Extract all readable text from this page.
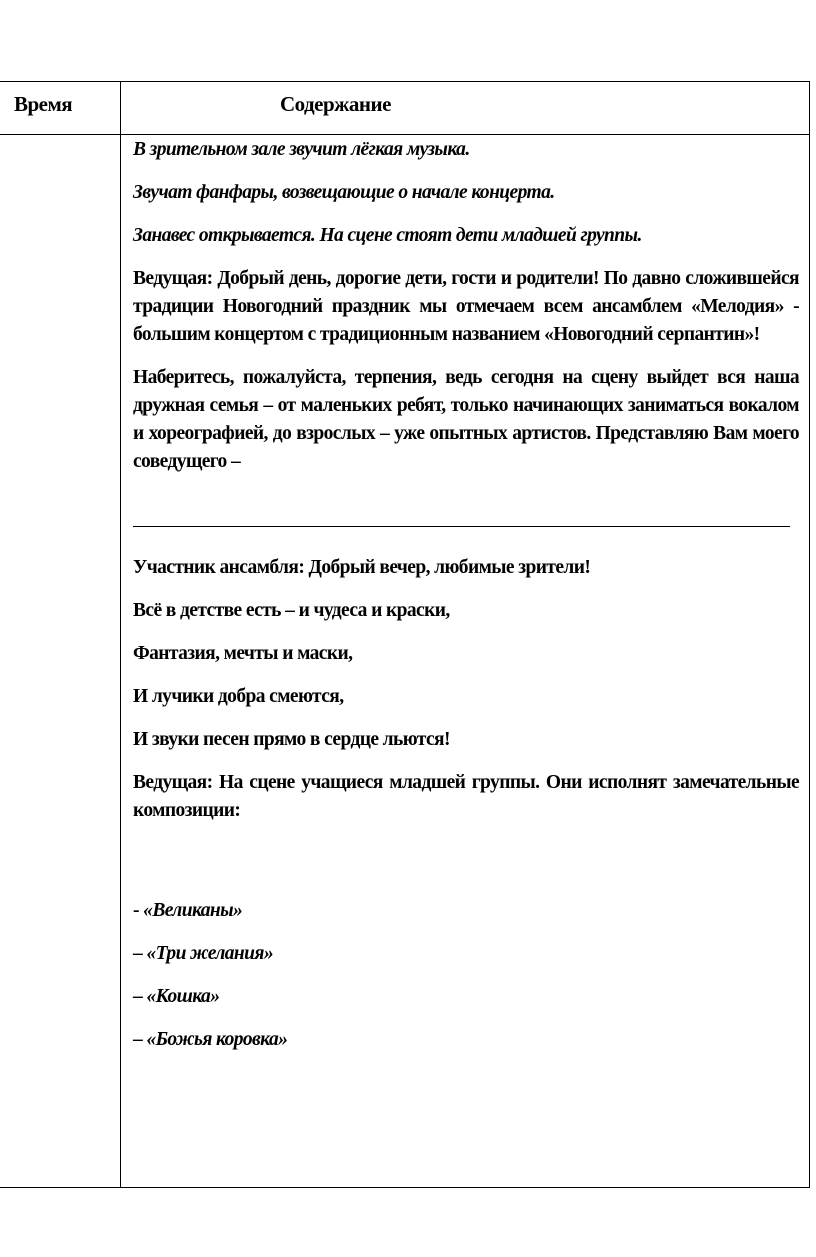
Время	Содержание

В зрительном зале звучит лёгкая музыка.

Звучат фанфары, возвещающие о начале концерта.

Занавес открывается. На сцене стоят дети младшей группы.

Ведущая: Добрый день, дорогие дети, гости и родители! По давно сложившейся традиции Новогодний праздник мы отмечаем всем ансамблем «Мелодия» - большим концертом с традиционным названием «Новогодний серпантин»!

Наберитесь, пожалуйста, терпения, ведь сегодня на сцену выйдет вся наша дружная семья – от маленьких ребят, только начинающих заниматься вокалом и хореографией, до взрослых – уже опытных артистов. Представляю Вам моего соведущего –

Участник ансамбля: Добрый вечер, любимые зрители!

Всё в детстве есть – и чудеса и краски,

Фантазия, мечты и маски,

И лучики добра смеются,

И звуки песен прямо в сердце льются!

Ведущая: На сцене учащиеся младшей группы. Они исполнят замечательные композиции:

- «Великаны»

– «Три желания»

– «Кошка»

– «Божья коровка»
